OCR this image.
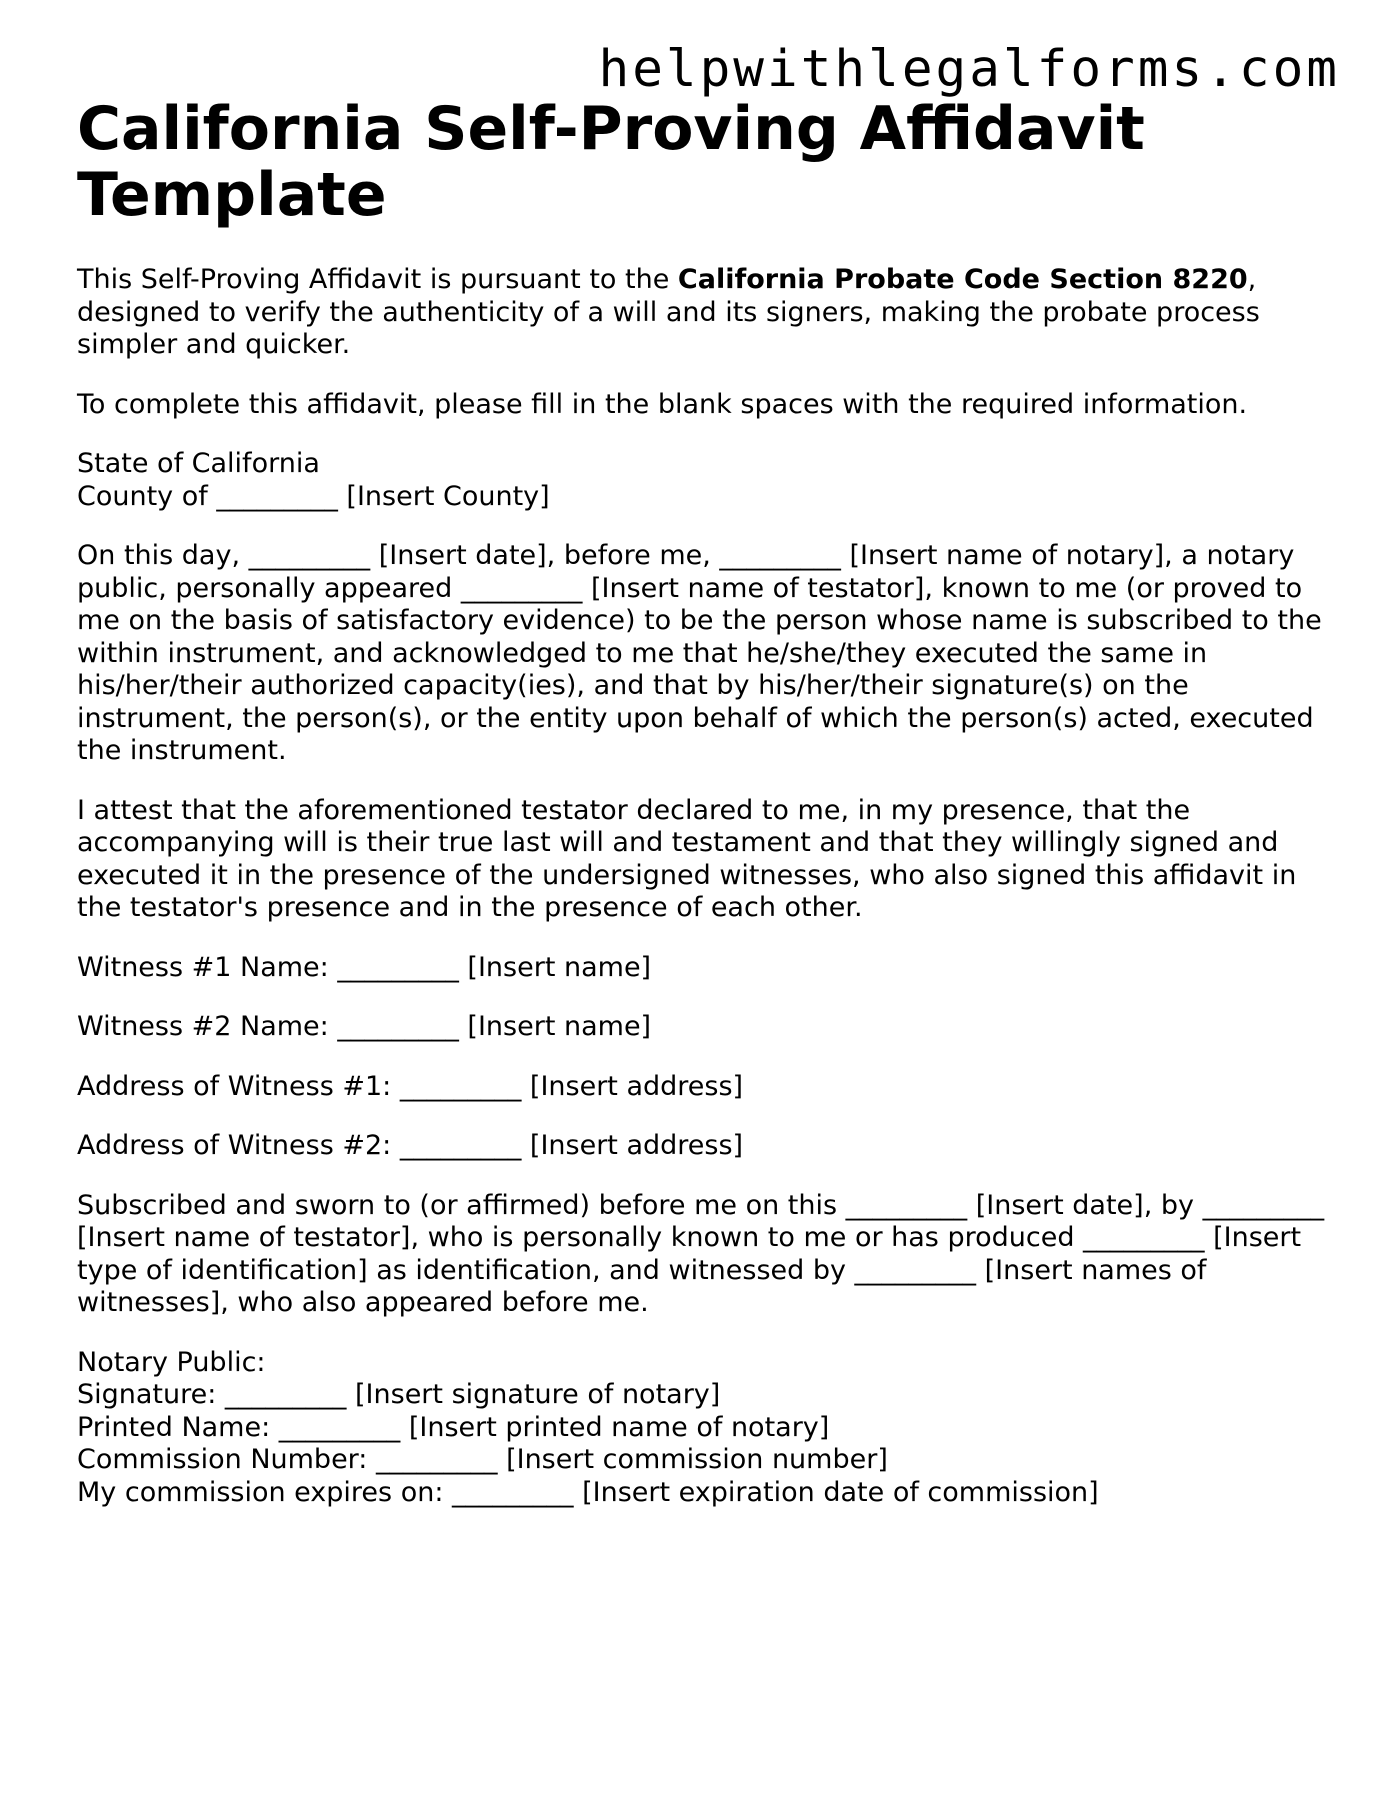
helpwithlegalforms.com
California Self-Proving Affidavit Template

This Self-Proving Affidavit is pursuant to the California Probate Code Section 8220, designed to verify the authenticity of a will and its signers, making the probate process simpler and quicker.

To complete this affidavit, please fill in the blank spaces with the required information.

State of California
County of _________ [Insert County]

On this day, _________ [Insert date], before me, _________ [Insert name of notary], a notary public, personally appeared _________ [Insert name of testator], known to me (or proved to me on the basis of satisfactory evidence) to be the person whose name is subscribed to the within instrument, and acknowledged to me that he/she/they executed the same in his/her/their authorized capacity(ies), and that by his/her/their signature(s) on the instrument, the person(s), or the entity upon behalf of which the person(s) acted, executed the instrument.

I attest that the aforementioned testator declared to me, in my presence, that the accompanying will is their true last will and testament and that they willingly signed and executed it in the presence of the undersigned witnesses, who also signed this affidavit in the testator's presence and in the presence of each other.

Witness #1 Name: _________ [Insert name]

Witness #2 Name: _________ [Insert name]

Address of Witness #1: _________ [Insert address]

Address of Witness #2: _________ [Insert address]

Subscribed and sworn to (or affirmed) before me on this _________ [Insert date], by _________ [Insert name of testator], who is personally known to me or has produced _________ [Insert type of identification] as identification, and witnessed by _________ [Insert names of witnesses], who also appeared before me.

Notary Public:
Signature: _________ [Insert signature of notary]
Printed Name: _________ [Insert printed name of notary]
Commission Number: _________ [Insert commission number]
My commission expires on: _________ [Insert expiration date of commission]
